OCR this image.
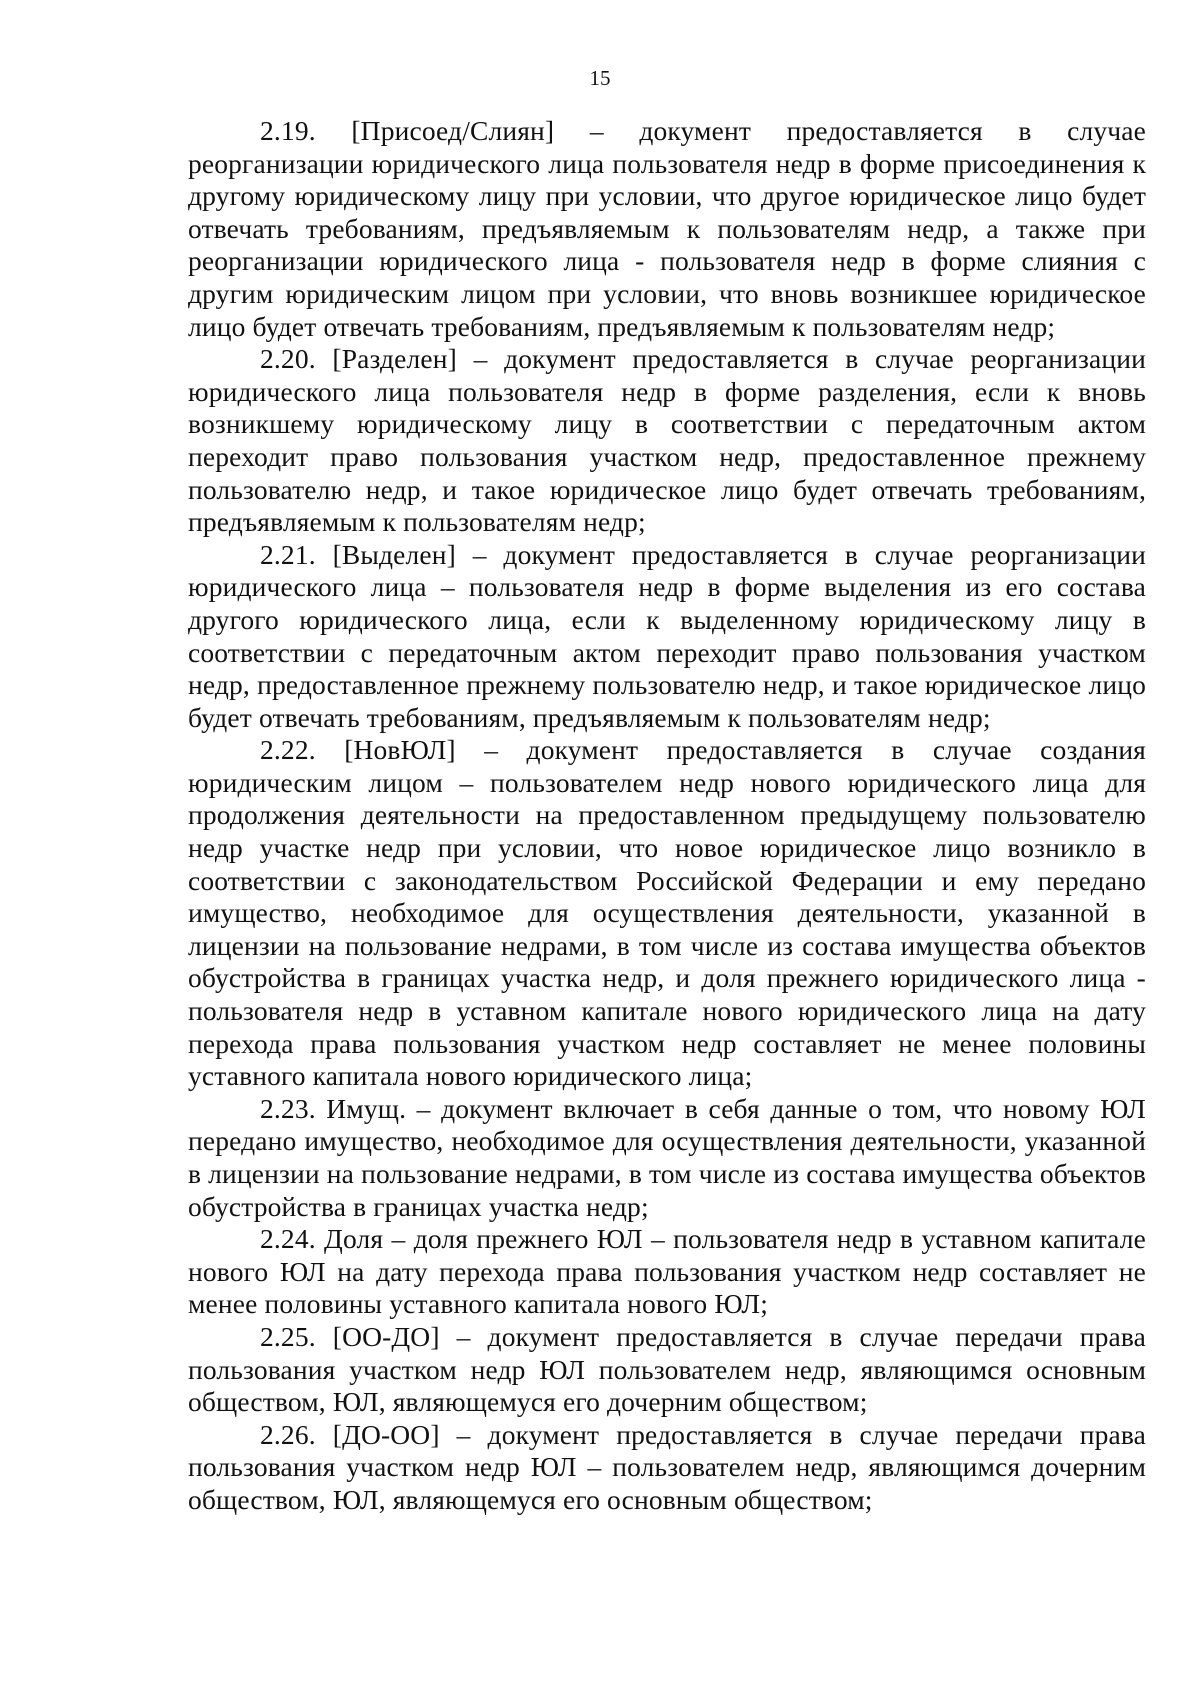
15

2.19. [Присоед/Слиян] – документ предоставляется в случае реорганизации юридического лица пользователя недр в форме присоединения к другому юридическому лицу при условии, что другое юридическое лицо будет отвечать требованиям, предъявляемым к пользователям недр, а также при реорганизации юридического лица - пользователя недр в форме слияния с другим юридическим лицом при условии, что вновь возникшее юридическое лицо будет отвечать требованиям, предъявляемым к пользователям недр;

2.20. [Разделен] – документ предоставляется в случае реорганизации юридического лица пользователя недр в форме разделения, если к вновь возникшему юридическому лицу в соответствии с передаточным актом переходит право пользования участком недр, предоставленное прежнему пользователю недр, и такое юридическое лицо будет отвечать требованиям, предъявляемым к пользователям недр;

2.21. [Выделен] – документ предоставляется в случае реорганизации юридического лица – пользователя недр в форме выделения из его состава другого юридического лица, если к выделенному юридическому лицу в соответствии с передаточным актом переходит право пользования участком недр, предоставленное прежнему пользователю недр, и такое юридическое лицо будет отвечать требованиям, предъявляемым к пользователям недр;

2.22. [НовЮЛ] – документ предоставляется в случае создания юридическим лицом – пользователем недр нового юридического лица для продолжения деятельности на предоставленном предыдущему пользователю недр участке недр при условии, что новое юридическое лицо возникло в соответствии с законодательством Российской Федерации и ему передано имущество, необходимое для осуществления деятельности, указанной в лицензии на пользование недрами, в том числе из состава имущества объектов обустройства в границах участка недр, и доля прежнего юридического лица - пользователя недр в уставном капитале нового юридического лица на дату перехода права пользования участком недр составляет не менее половины уставного капитала нового юридического лица;

2.23. Имущ. – документ включает в себя данные о том, что новому ЮЛ передано имущество, необходимое для осуществления деятельности, указанной в лицензии на пользование недрами, в том числе из состава имущества объектов обустройства в границах участка недр;

2.24. Доля – доля прежнего ЮЛ – пользователя недр в уставном капитале нового ЮЛ на дату перехода права пользования участком недр составляет не менее половины уставного капитала нового ЮЛ;

2.25. [ОО-ДО] – документ предоставляется в случае передачи права пользования участком недр ЮЛ пользователем недр, являющимся основным обществом, ЮЛ, являющемуся его дочерним обществом;

2.26. [ДО-ОО] – документ предоставляется в случае передачи права пользования участком недр ЮЛ – пользователем недр, являющимся дочерним обществом, ЮЛ, являющемуся его основным обществом;
